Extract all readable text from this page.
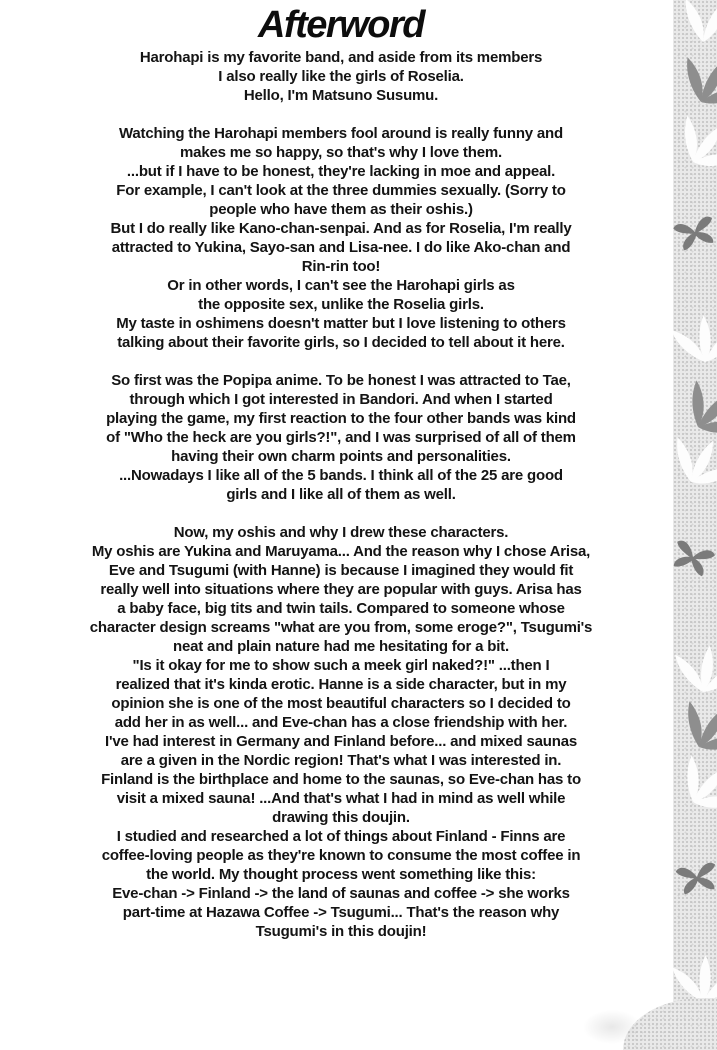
Afterword

Harohapi is my favorite band, and aside from its members
I also really like the girls of Roselia.
Hello, I'm Matsuno Susumu.

Watching the Harohapi members fool around is really funny and
makes me so happy, so that's why I love them.
...but if I have to be honest, they're lacking in moe and appeal.
For example, I can't look at the three dummies sexually. (Sorry to
people who have them as their oshis.)
But I do really like Kano-chan-senpai. And as for Roselia, I'm really
attracted to Yukina, Sayo-san and Lisa-nee. I do like Ako-chan and
Rin-rin too!
Or in other words, I can't see the Harohapi girls as
the opposite sex, unlike the Roselia girls.
My taste in oshimens doesn't matter but I love listening to others
talking about their favorite girls, so I decided to tell about it here.

So first was the Popipa anime. To be honest I was attracted to Tae,
through which I got interested in Bandori. And when I started
playing the game, my first reaction to the four other bands was kind
of "Who the heck are you girls?!", and I was surprised of all of them
having their own charm points and personalities.
...Nowadays I like all of the 5 bands. I think all of the 25 are good
girls and I like all of them as well.

Now, my oshis and why I drew these characters.
My oshis are Yukina and Maruyama... And the reason why I chose Arisa,
Eve and Tsugumi (with Hanne) is because I imagined they would fit
really well into situations where they are popular with guys. Arisa has
a baby face, big tits and twin tails. Compared to someone whose
character design screams "what are you from, some eroge?", Tsugumi's
neat and plain nature had me hesitating for a bit.
"Is it okay for me to show such a meek girl naked?!" ...then I
realized that it's kinda erotic. Hanne is a side character, but in my
opinion she is one of the most beautiful characters so I decided to
add her in as well... and Eve-chan has a close friendship with her.
I've had interest in Germany and Finland before... and mixed saunas
are a given in the Nordic region! That's what I was interested in.
Finland is the birthplace and home to the saunas, so Eve-chan has to
visit a mixed sauna! ...And that's what I had in mind as well while
drawing this doujin.
I studied and researched a lot of things about Finland - Finns are
coffee-loving people as they're known to consume the most coffee in
the world. My thought process went something like this:
Eve-chan -> Finland -> the land of saunas and coffee -> she works
part-time at Hazawa Coffee -> Tsugumi... That's the reason why
Tsugumi's in this doujin!
